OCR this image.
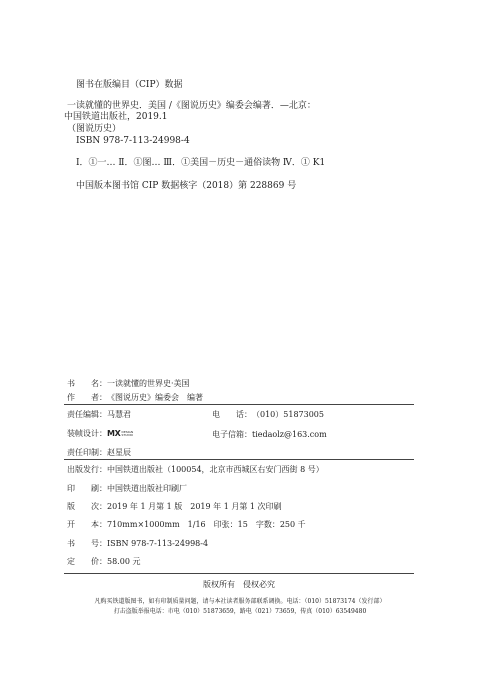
图书在版编目（CIP）数据
一读就懂的世界史．美国 /《图说历史》编委会编著．—北京：
中国铁道出版社，2019.1
（图说历史）
ISBN 978-7-113-24998-4
Ⅰ．①一… Ⅱ．①图… Ⅲ．①美国－历史－通俗读物 Ⅳ．① K1
中国版本图书馆 CIP 数据核字（2018）第 228869 号
书　　名：一读就懂的世界史·美国
作　　者：《图说历史》编委会　编著
责任编辑：马慧君	电　　话：（010）51873005
装帧设计：MXDESIGN STUDIO	电子信箱：tiedaolz@163.com
责任印制：赵星辰
出版发行：中国铁道出版社（100054，北京市西城区右安门西街 8 号）
印　　刷：中国铁道出版社印刷厂
版　　次：2019 年 1 月第 1 版　2019 年 1 月第 1 次印刷
开　　本：710mm×1000mm　1/16　印张：15　字数：250 千
书　　号：ISBN 978-7-113-24998-4
定　　价：58.00 元
版权所有　侵权必究
凡购买铁道版图书，如有印制质量问题，请与本社读者服务部联系调换。电话：（010）51873174（发行部）
打击盗版举报电话：市电（010）51873659，路电（021）73659，传真（010）63549480
